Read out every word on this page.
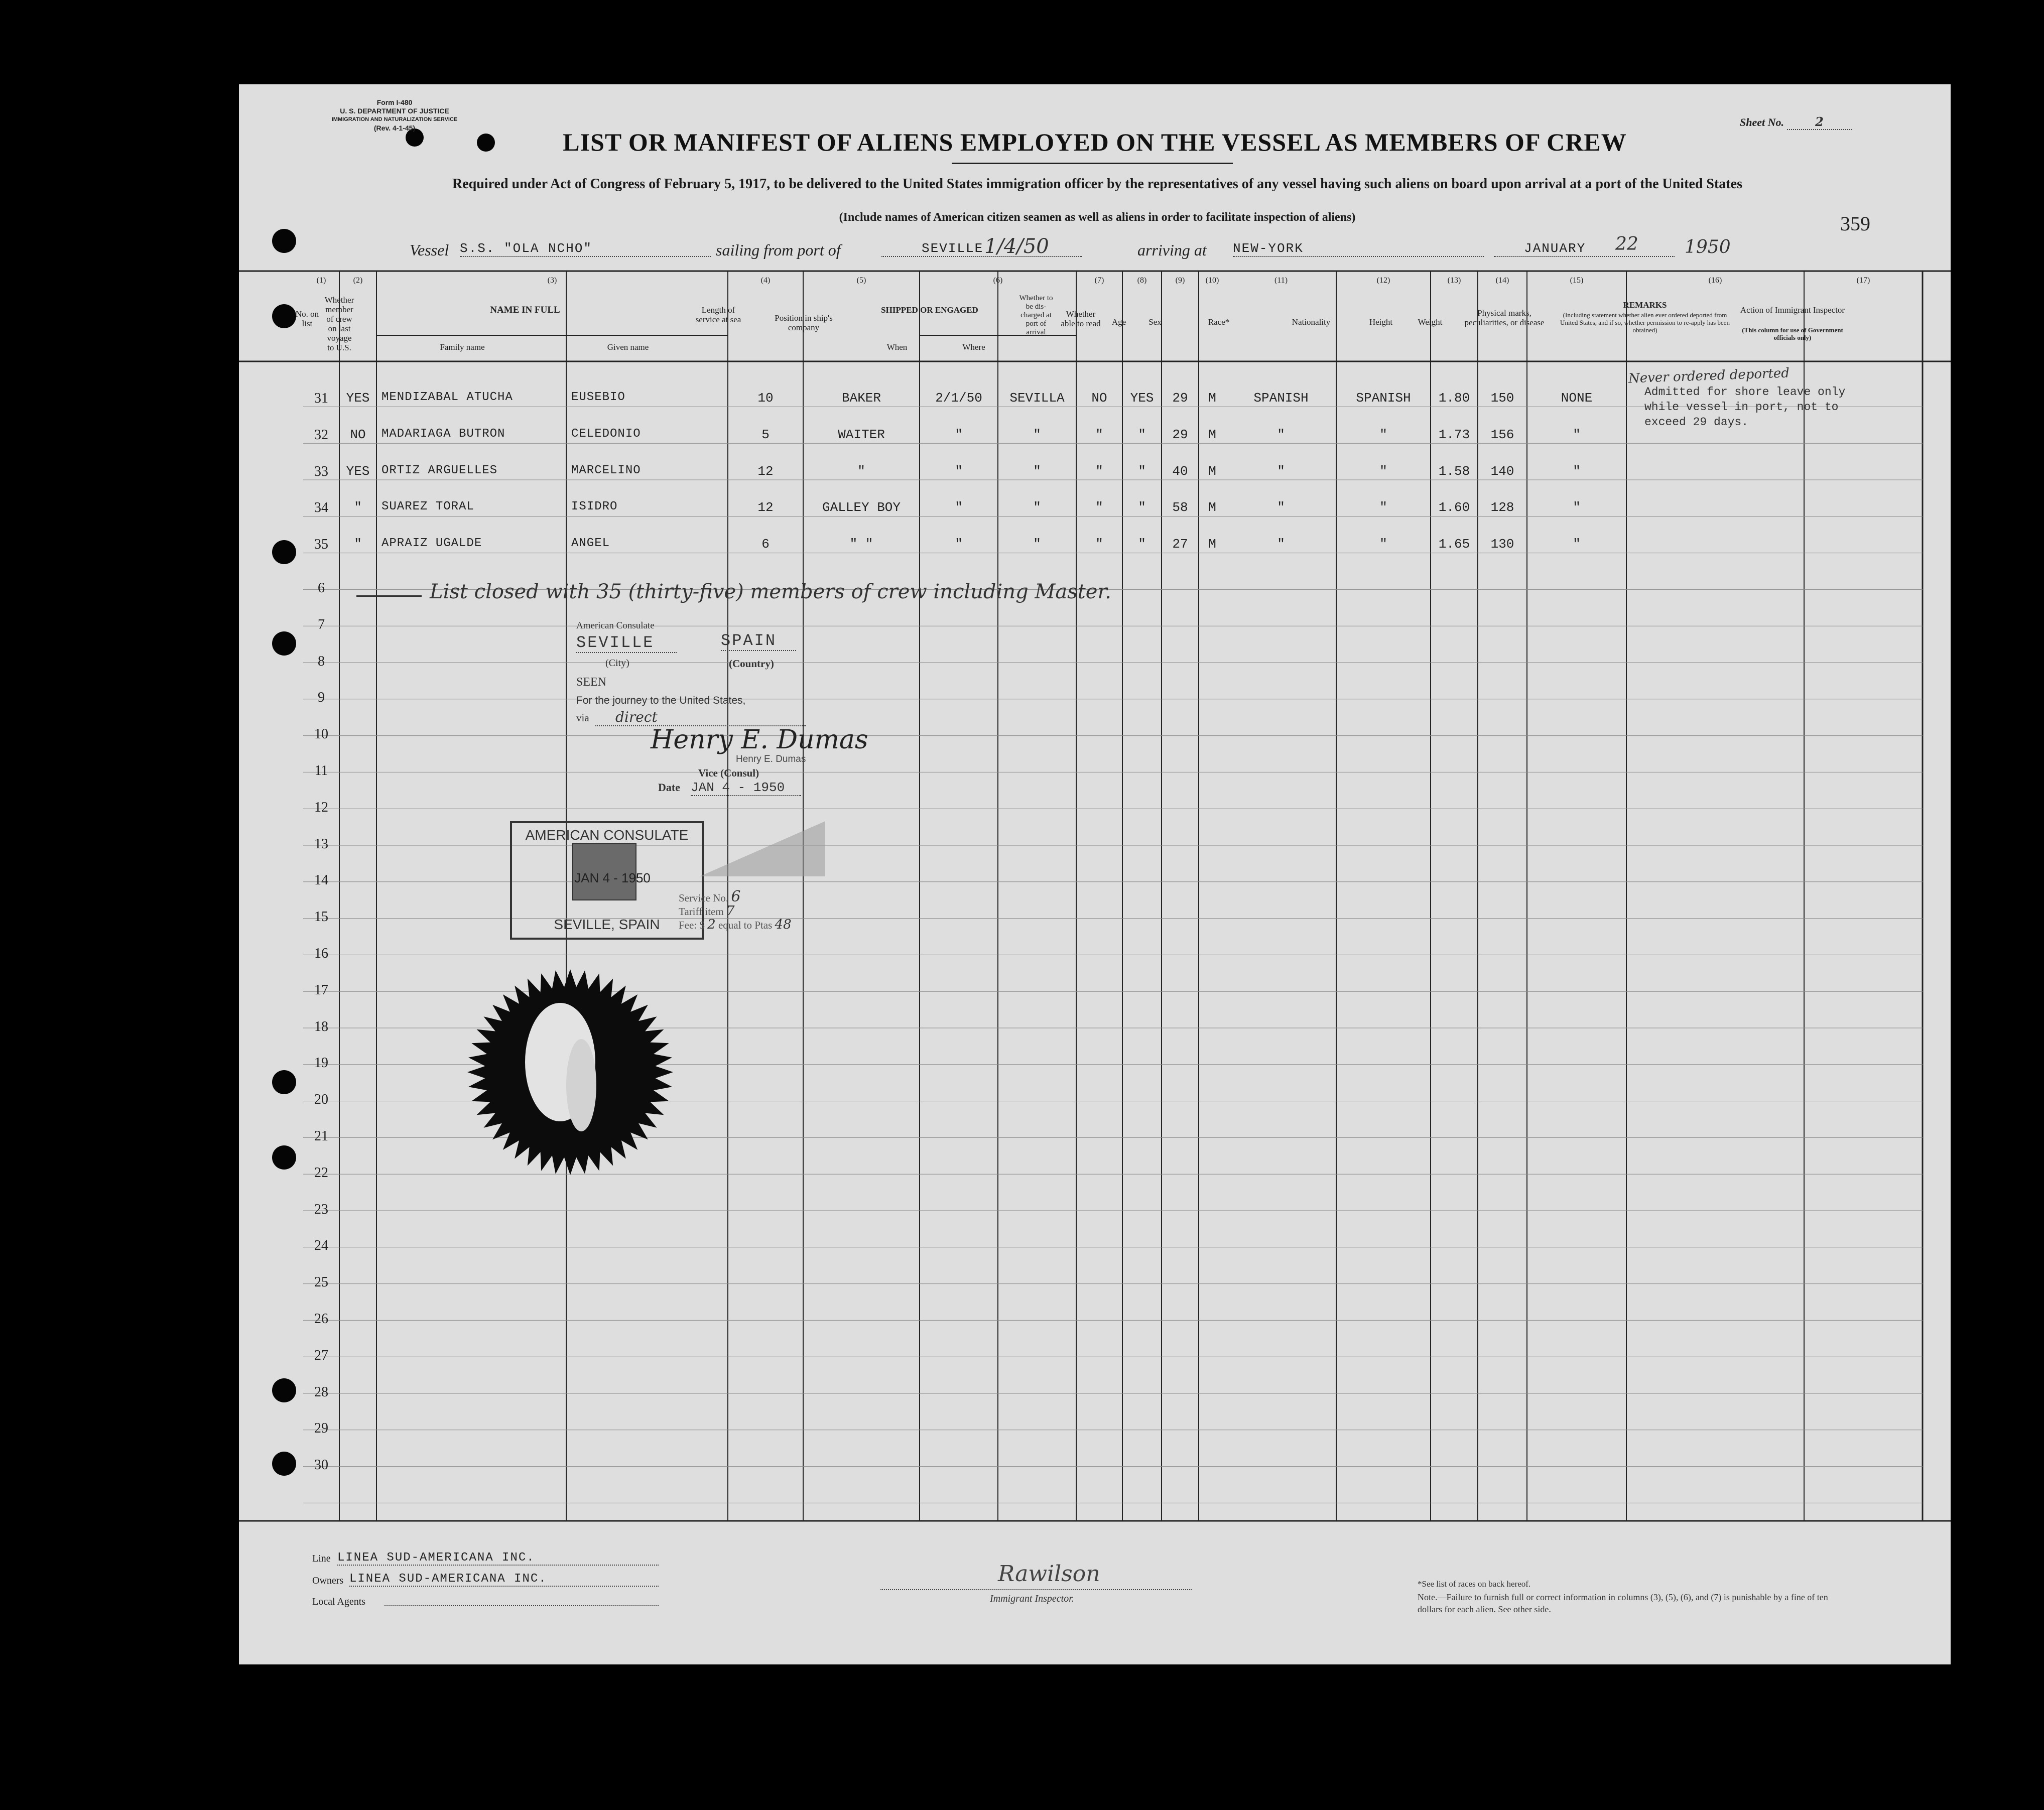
Form I-480
U. S. DEPARTMENT OF JUSTICE
IMMIGRATION AND NATURALIZATION SERVICE
(Rev. 4-1-45)	Sheet No.	2
LIST OR MANIFEST OF ALIENS EMPLOYED ON THE VESSEL AS MEMBERS OF CREW
Required under Act of Congress of February 5, 1917, to be delivered to the United States immigration officer by the representatives of any vessel having such aliens on board upon arrival at a port of the United States
(Include names of American citizen seamen as well as aliens in order to facilitate inspection of aliens)	359
Vessel S.S. "OLA NCHO"	sailing from port of	SEVILLE 1/4/50	arriving at NEW-YORK	JANUARY	22	1950
(1)	(2)	(3)	(4)	(5)	(6)	(7)	(8)	(9)	(10)	(11)	(12)	(13)	(14)	(15)	(16)	(17)
No. on list
Whether member of crew on last voyage to U.S.
NAME IN FULL
Family name	Given name
Length of service at sea	Position in ship's company
SHIPPED OR ENGAGED
When	Where
Whether to be dis-charged at port of arrival
Whether able to read	Age	Sex	Race*	Nationality	Height	Weight
Physical marks, peculiarities, or disease
REMARKS
(Including statement whether alien ever ordered deported from United States, and if so, whether permission to re-apply has been obtained)
Action of Immigrant Inspector
(This column for use of Government officials only)
31	YES MENDIZABAL ATUCHA	EUSEBIO	10	BAKER	2/1/50	SEVILLA	NO	YES	29	M	SPANISH	SPANISH	1.80	150	NONE
32	NO	MADARIAGA BUTRON	CELEDONIO	5	WAITER	"	"	"	"	29	M	"	"	1.73	156	"
33	YES ORTIZ ARGUELLES	MARCELINO	12	"	"	"	"	"	40	M	"	"	1.58	140	"
34	"	SUAREZ TORAL	ISIDRO	12	GALLEY BOY	"	"	"	"	58	M	"	"	1.60	128	"
35	"	APRAIZ UGALDE	ANGEL	6	" "	"	"	"	"	27	M	"	"	1.65	130	"
Never ordered deported
Admitted for shore leave only while vessel in port, not to exceed 29 days.
6
7
8
9
10
11
12
13
14
15
16
17
18
19
20
21
22
23
24
25
26
27
28
29
30
List closed with 35 (thirty-five) members of crew including Master.
American Consulate
SEVILLE	SPAIN
(City)	(Country)
SEEN
For the journey to the United States,
via	direct
Henry E. Dumas
Henry E. Dumas
Vice (Consul)
Date JAN 4 - 1950
AMERICAN CONSULATE
JAN 4 - 1950
SEVILLE, SPAIN
Service No. 6
Tariff item 7
Fee: $ 2 equal to Ptas 48
Line LINEA SUD-AMERICANA INC.
Owners LINEA SUD-AMERICANA INC.
Local Agents
Rawilson
Immigrant Inspector.
*See list of races on back hereof.
Note.—Failure to furnish full or correct information in columns (3), (5), (6), and (7) is punishable by a fine of ten dollars for each alien. See other side.
